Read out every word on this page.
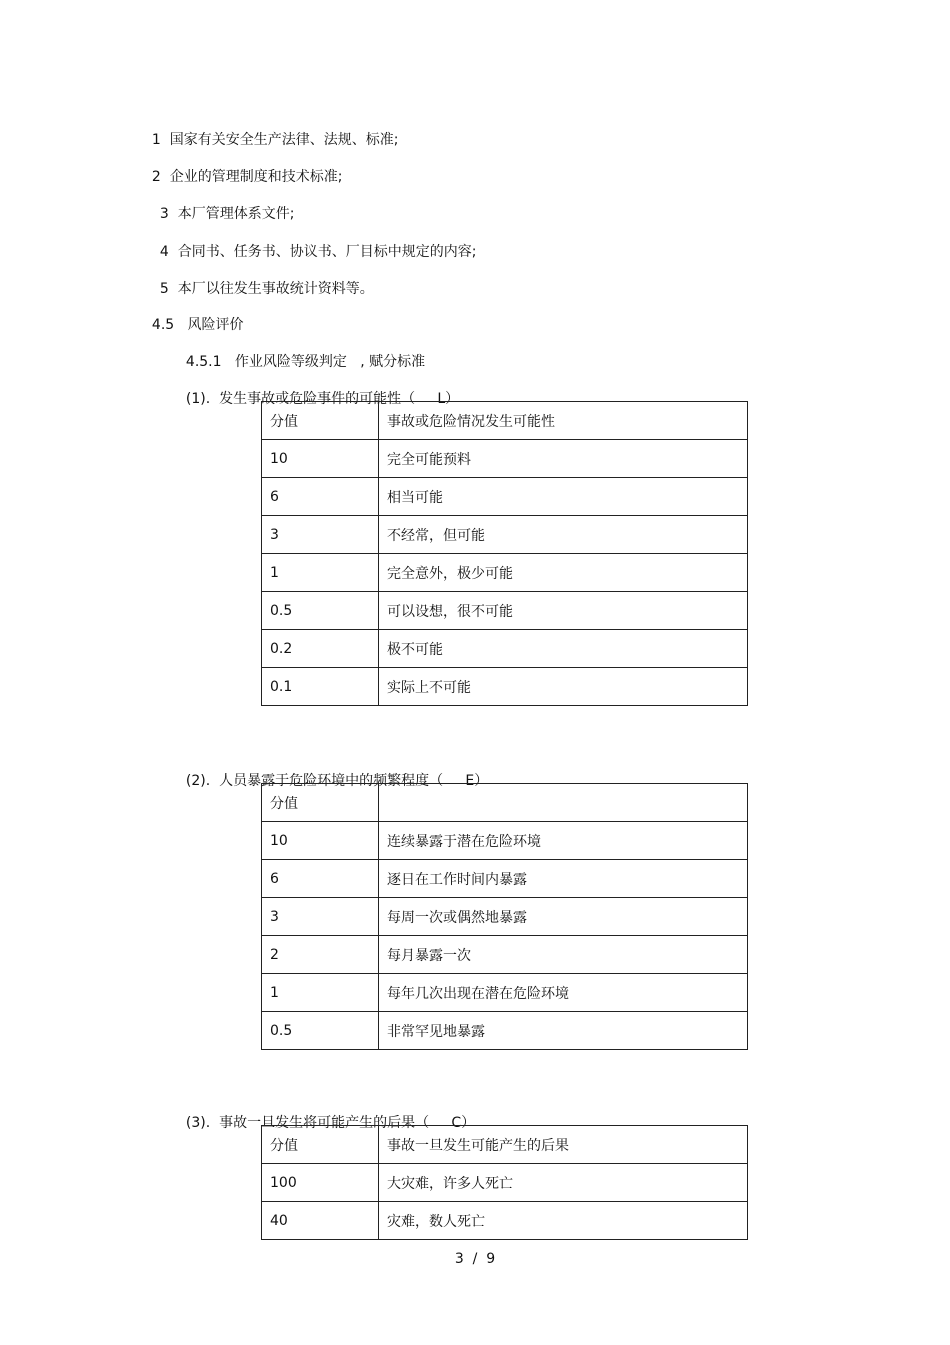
1 国家有关安全生产法律、法规、标准;

2 企业的管理制度和技术标准;

3 本厂管理体系文件;

4 合同书、任务书、协议书、厂目标中规定的内容;

5 本厂以往发生事故统计资料等。

4.5 风险评价

4.5.1 作业风险等级判定 , 赋分标准

(1). 发生事故或危险事件的可能性（ L）

分值	事故或危险情况发生可能性
10	完全可能预料
6	相当可能
3	不经常，但可能
1	完全意外，极少可能
0.5	可以设想，很不可能
0.2	极不可能
0.1	实际上不可能

(2). 人员暴露于危险环境中的频繁程度（ E）

分值	
10	连续暴露于潜在危险环境
6	逐日在工作时间内暴露
3	每周一次或偶然地暴露
2	每月暴露一次
1	每年几次出现在潜在危险环境
0.5	非常罕见地暴露

(3). 事故一旦发生将可能产生的后果（ C）

分值	事故一旦发生可能产生的后果
100	大灾难，许多人死亡
40	灾难，数人死亡
3  /  9
